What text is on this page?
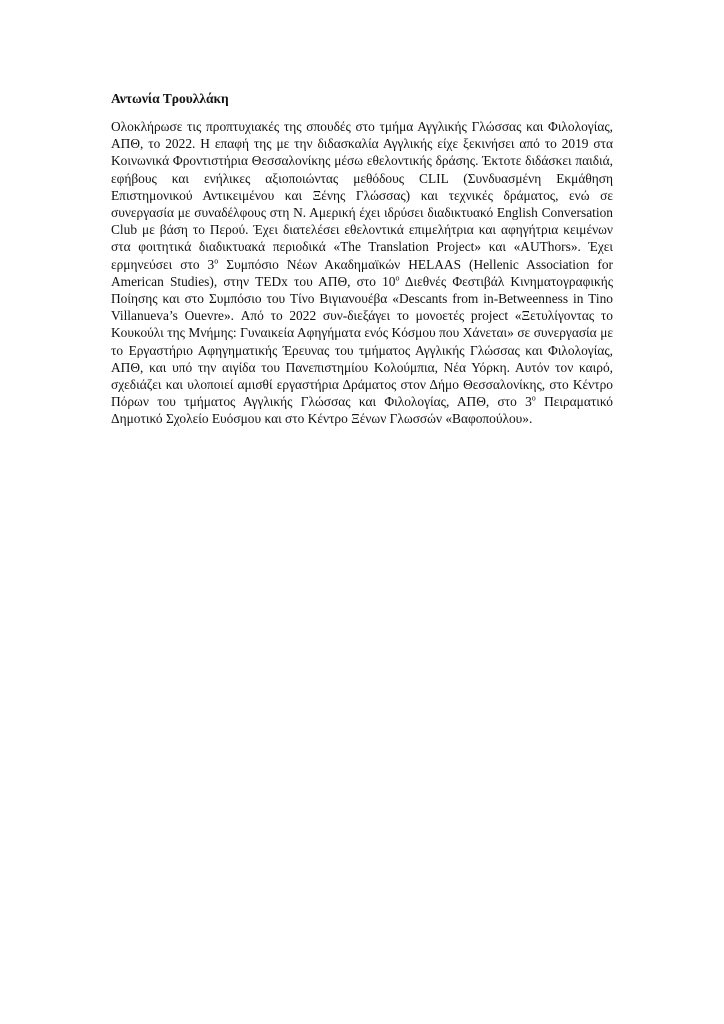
Αντωνία Τρουλλάκη

Ολοκλήρωσε τις προπτυχιακές της σπουδές στο τμήμα Αγγλικής Γλώσσας και Φιλολογίας, ΑΠΘ, το 2022. Η επαφή της με την διδασκαλία Αγγλικής είχε ξεκινήσει από το 2019 στα Κοινωνικά Φροντιστήρια Θεσσαλονίκης μέσω εθελοντικής δράσης. Έκτοτε διδάσκει παιδιά, εφήβους και ενήλικες αξιοποιώντας μεθόδους CLIL (Συνδυασμένη Εκμάθηση Επιστημονικού Αντικειμένου και Ξένης Γλώσσας) και τεχνικές δράματος, ενώ σε συνεργασία με συναδέλφους στη Ν. Αμερική έχει ιδρύσει διαδικτυακό English Conversation Club με βάση το Περού. Έχει διατελέσει εθελοντικά επιμελήτρια και αφηγήτρια κειμένων στα φοιτητικά διαδικτυακά περιοδικά «The Translation Project» και «AUThors». Έχει ερμηνεύσει στο $3^o$ Συμπόσιο Νέων Ακαδημαϊκών HELAAS (Hellenic Association for American Studies), στην TEDx του ΑΠΘ, στο $10^o$ Διεθνές Φεστιβάλ Κινηματογραφικής Ποίησης και στο Συμπόσιο του Τίνο Βιγιανουέβα «Descants from in-Betweenness in Tino Villanueva’s Ouevre». Από το 2022 συν-διεξάγει το μονοετές project «Ξετυλίγοντας το Κουκούλι της Μνήμης: Γυναικεία Αφηγήματα ενός Κόσμου που Χάνεται» σε συνεργασία με το Εργαστήριο Αφηγηματικής Έρευνας του τμήματος Αγγλικής Γλώσσας και Φιλολογίας, ΑΠΘ, και υπό την αιγίδα του Πανεπιστημίου Κολούμπια, Νέα Υόρκη. Αυτόν τον καιρό, σχεδιάζει και υλοποιεί αμισθί εργαστήρια Δράματος στον Δήμο Θεσσαλονίκης, στο Κέντρο Πόρων του τμήματος Αγγλικής Γλώσσας και Φιλολογίας, ΑΠΘ, στο $3^o$ Πειραματικό Δημοτικό Σχολείο Ευόσμου και στο Κέντρο Ξένων Γλωσσών «Βαφοπούλου».
